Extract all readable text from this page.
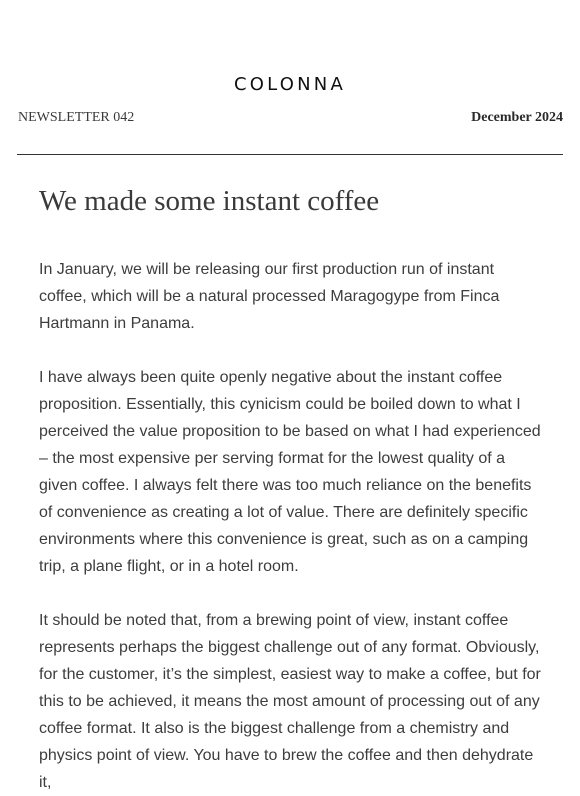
COLONNA
NEWSLETTER 042	December 2024
We made some instant coffee

In January, we will be releasing our first production run of instant coffee, which will be a natural processed Maragogype from Finca Hartmann in Panama.

I have always been quite openly negative about the instant coffee proposition. Essentially, this cynicism could be boiled down to what I perceived the value proposition to be based on what I had experienced – the most expensive per serving format for the lowest quality of a given coffee. I always felt there was too much reliance on the benefits of convenience as creating a lot of value. There are definitely specific environments where this convenience is great, such as on a camping trip, a plane flight, or in a hotel room.

It should be noted that, from a brewing point of view, instant coffee represents perhaps the biggest challenge out of any format. Obviously, for the customer, it’s the simplest, easiest way to make a coffee, but for this to be achieved, it means the most amount of processing out of any coffee format. It also is the biggest challenge from a chemistry and physics point of view. You have to brew the coffee and then dehydrate it,
